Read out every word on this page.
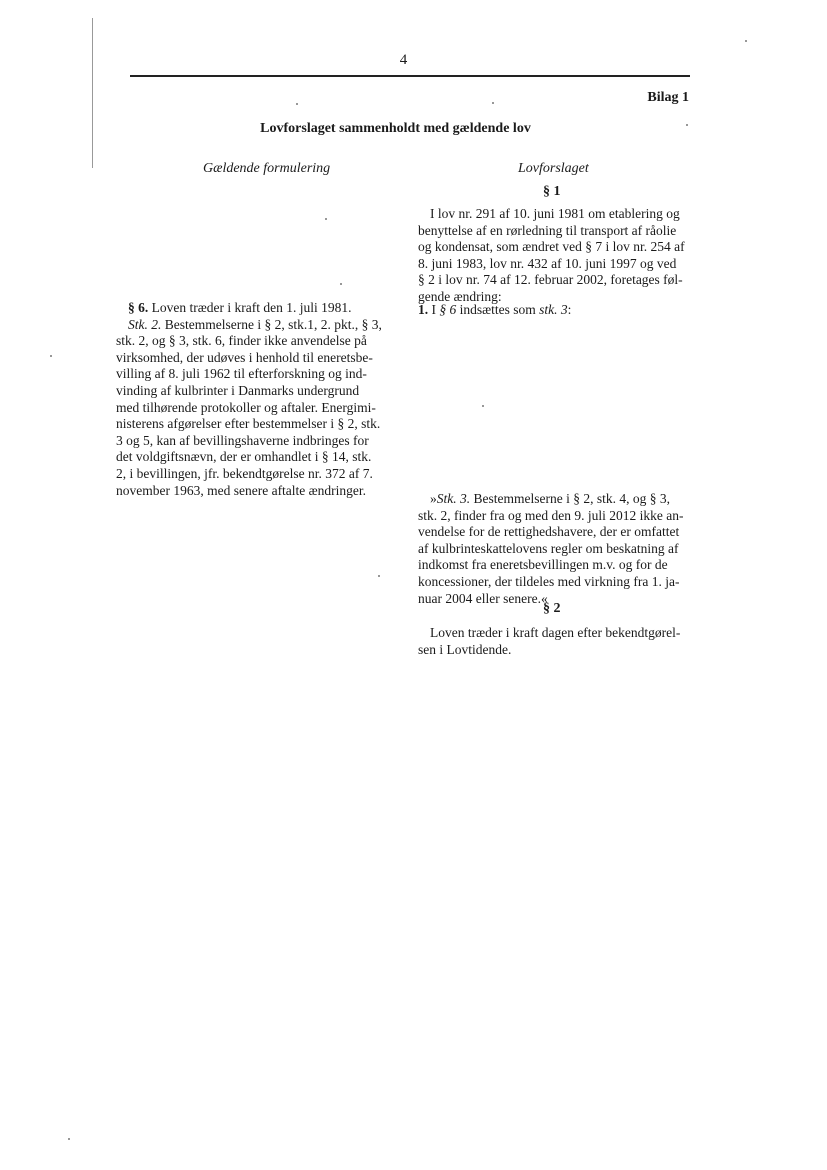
4
Bilag 1
Lovforslaget sammenholdt med gældende lov
Gældende formulering	Lovforslaget
§ 6. Loven træder i kraft den 1. juli 1981.
Stk. 2. Bestemmelserne i § 2, stk.1, 2. pkt., § 3,
stk. 2, og § 3, stk. 6, finder ikke anvendelse på
virksomhed, der udøves i henhold til eneretsbe-
villing af 8. juli 1962 til efterforskning og ind-
vinding af kulbrinter i Danmarks undergrund
med tilhørende protokoller og aftaler. Energimi-
nisterens afgørelser efter bestemmelser i § 2, stk.
3 og 5, kan af bevillingshaverne indbringes for
det voldgiftsnævn, der er omhandlet i § 14, stk.
2, i bevillingen, jfr. bekendtgørelse nr. 372 af 7.
november 1963, med senere aftalte ændringer.
§ 1
I lov nr. 291 af 10. juni 1981 om etablering og
benyttelse af en rørledning til transport af råolie
og kondensat, som ændret ved § 7 i lov nr. 254 af
8. juni 1983, lov nr. 432 af 10. juni 1997 og ved
§ 2 i lov nr. 74 af 12. februar 2002, foretages føl-
gende ændring:
1. I § 6 indsættes som stk. 3:
»Stk. 3. Bestemmelserne i § 2, stk. 4, og § 3,
stk. 2, finder fra og med den 9. juli 2012 ikke an-
vendelse for de rettighedshavere, der er omfattet
af kulbrinteskattelovens regler om beskatning af
indkomst fra eneretsbevillingen m.v. og for de
koncessioner, der tildeles med virkning fra 1. ja-
nuar 2004 eller senere.«
§ 2
Loven træder i kraft dagen efter bekendtgørel-
sen i Lovtidende.
